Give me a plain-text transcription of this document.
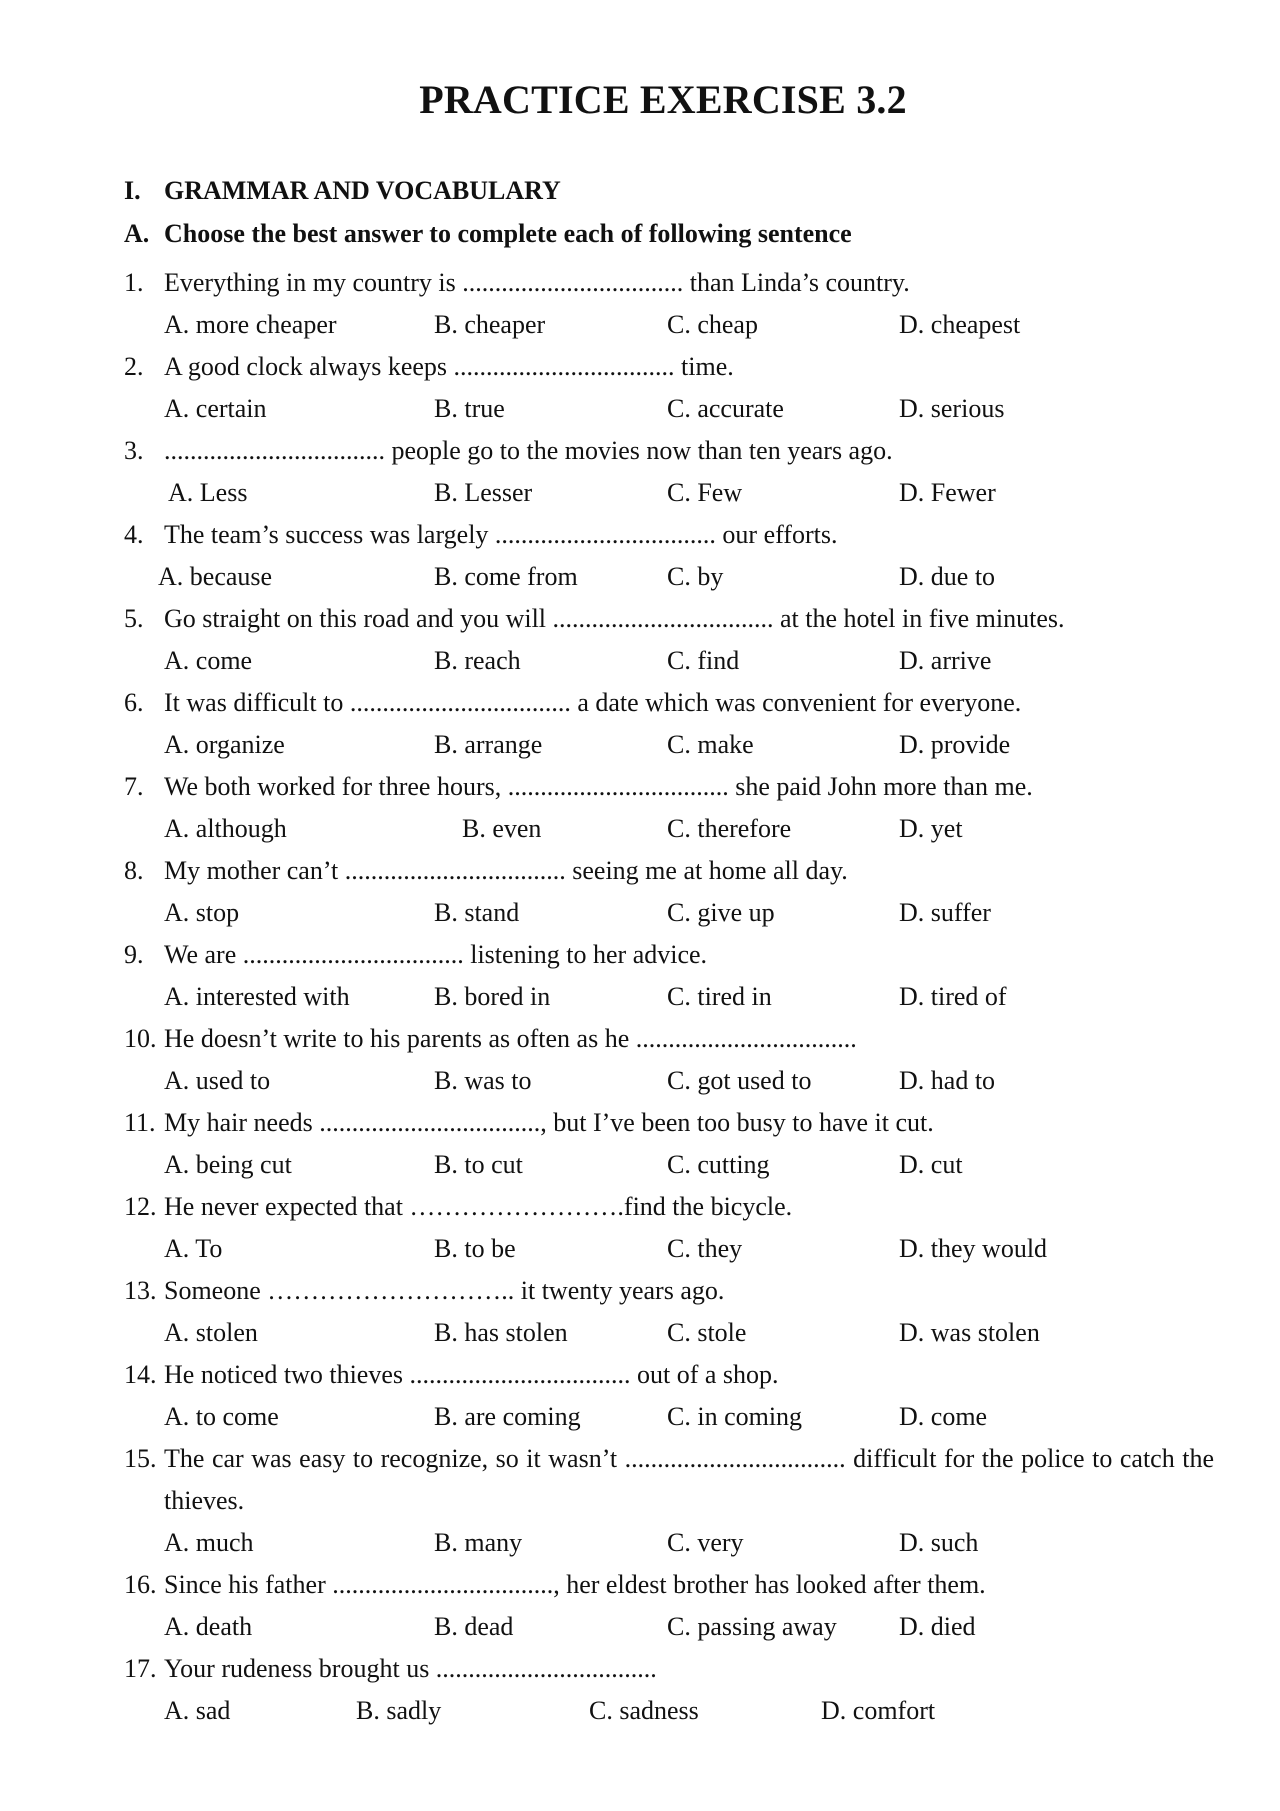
PRACTICE EXERCISE 3.2
I. GRAMMAR AND VOCABULARY
A. Choose the best answer to complete each of following sentence
1. Everything in my country is .................................. than Linda’s country.
A. more cheaper	B. cheaper	C. cheap	D. cheapest
2. A good clock always keeps .................................. time.
A. certain	B. true	C. accurate	D. serious
3. .................................. people go to the movies now than ten years ago.
A. Less	B. Lesser	C. Few	D. Fewer
4. The team’s success was largely .................................. our efforts.
A. because	B. come from	C. by	D. due to
5. Go straight on this road and you will .................................. at the hotel in five minutes.
A. come	B. reach	C. find	D. arrive
6. It was difficult to .................................. a date which was convenient for everyone.
A. organize	B. arrange	C. make	D. provide
7. We both worked for three hours, .................................. she paid John more than me.
A. although	B. even	C. therefore	D. yet
8. My mother can’t .................................. seeing me at home all day.
A. stop	B. stand	C. give up	D. suffer
9. We are .................................. listening to her advice.
A. interested with	B. bored in	C. tired in	D. tired of
10. He doesn’t write to his parents as often as he ..................................
A. used to	B. was to	C. got used to	D. had to
11. My hair needs .................................., but I’ve been too busy to have it cut.
A. being cut	B. to cut	C. cutting	D. cut
12. He never expected that …………………….find the bicycle.
A. To	B. to be	C. they	D. they would
13. Someone ……………………….. it twenty years ago.
A. stolen	B. has stolen	C. stole	D. was stolen
14. He noticed two thieves .................................. out of a shop.
A. to come	B. are coming	C. in coming	D. come
15. The car was easy to recognize, so it wasn’t .................................. difficult for the police to catch the thieves.
A. much	B. many	C. very	D. such
16. Since his father .................................., her eldest brother has looked after them.
A. death	B. dead	C. passing away D. died
17. Your rudeness brought us ..................................
A. sad	B. sadly	C. sadness	D. comfort
